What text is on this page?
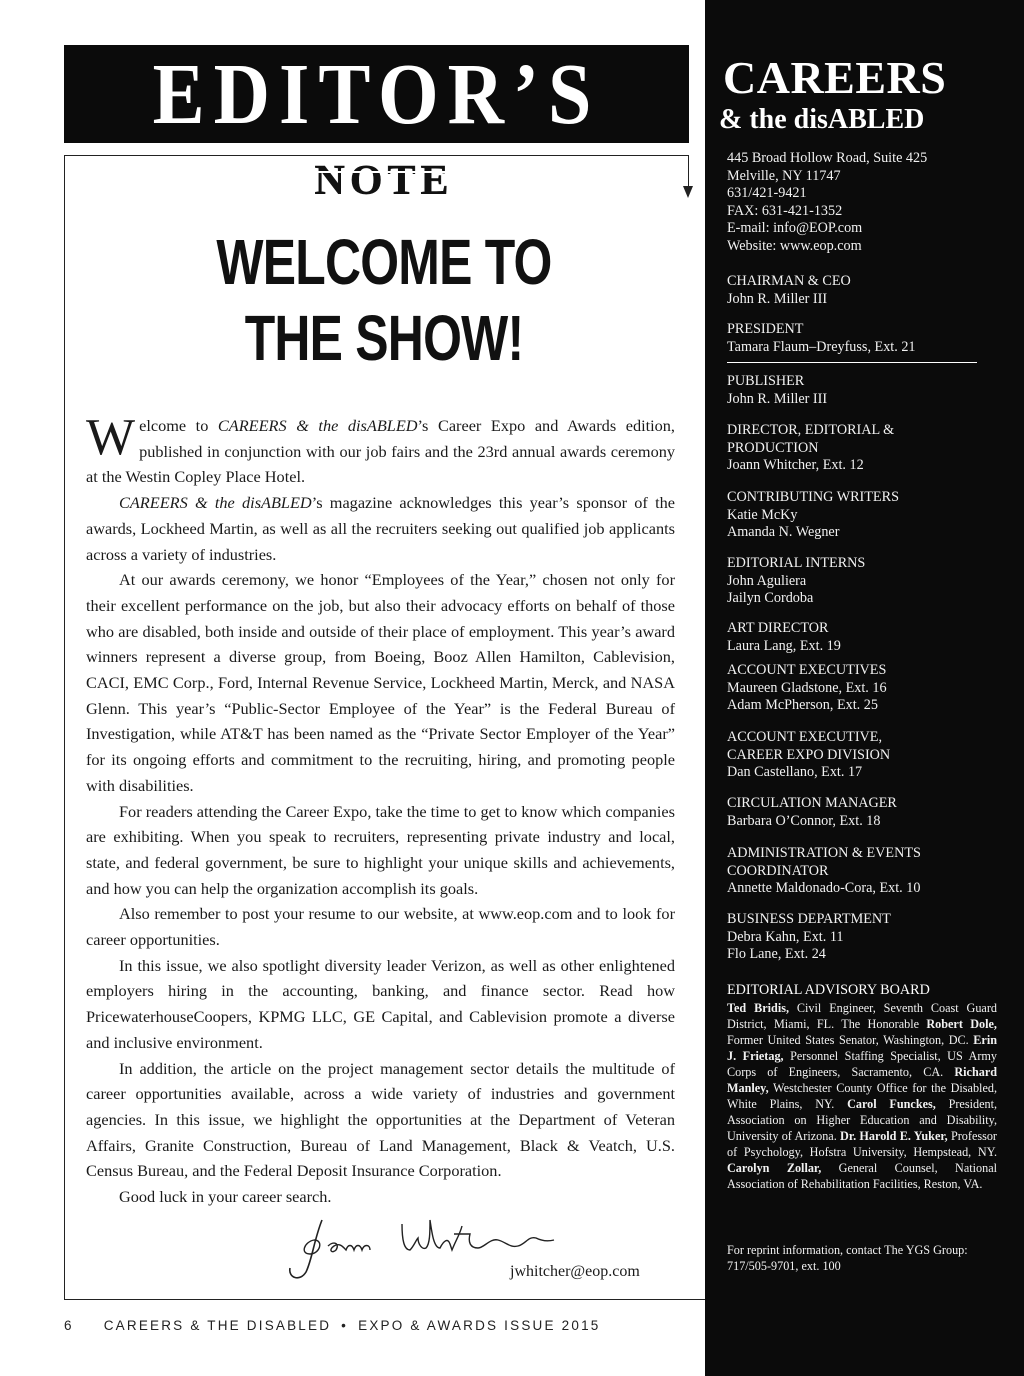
EDITOR’S
NOTE
WELCOME TO
THE SHOW!

Welcome to CAREERS & the disABLED’s Career Expo and Awards edition, published in conjunction with our job fairs and the 23rd annual awards ceremony at the Westin Copley Place Hotel.

CAREERS & the disABLED’s magazine acknowledges this year’s sponsor of the awards, Lockheed Martin, as well as all the recruiters seeking out qualified job applicants across a variety of industries.

At our awards ceremony, we honor “Employees of the Year,” chosen not only for their excellent performance on the job, but also their advocacy efforts on behalf of those who are disabled, both inside and outside of their place of employment. This year’s award winners represent a diverse group, from Boeing, Booz Allen Hamilton, Cablevision, CACI, EMC Corp., Ford, Internal Revenue Service, Lockheed Martin, Merck, and NASA Glenn. This year’s “Public-Sector Employee of the Year” is the Federal Bureau of Investigation, while AT&T has been named as the “Private Sector Employer of the Year” for its ongoing efforts and commitment to the recruiting, hiring, and promoting people with disabilities.

For readers attending the Career Expo, take the time to get to know which companies are exhibiting. When you speak to recruiters, representing private industry and local, state, and federal government, be sure to highlight your unique skills and achievements, and how you can help the organization accomplish its goals.

Also remember to post your resume to our website, at www.eop.com and to look for career opportunities.

In this issue, we also spotlight diversity leader Verizon, as well as other enlightened employers hiring in the accounting, banking, and finance sector. Read how PricewaterhouseCoopers, KPMG LLC, GE Capital, and Cablevision promote a diverse and inclusive environment.

In addition, the article on the project management sector details the multitude of career opportunities available, across a wide variety of industries and government agencies. In this issue, we highlight the opportunities at the Department of Veteran Affairs, Granite Construction, Bureau of Land Management, Black & Veatch, U.S. Census Bureau, and the Federal Deposit Insurance Corporation.

Good luck in your career search.

Joann Whitcher
jwhitcher@eop.com
6 CAREERS & THE DISABLED • EXPO & AWARDS ISSUE 2015
CAREERS
& the disABLED
445 Broad Hollow Road, Suite 425
Melville, NY 11747
631/421-9421
FAX: 631-421-1352
E-mail: info@EOP.com
Website: www.eop.com
CHAIRMAN & CEO
John R. Miller III
PRESIDENT
Tamara Flaum–Dreyfuss, Ext. 21
PUBLISHER
John R. Miller III
DIRECTOR, EDITORIAL &
PRODUCTION
Joann Whitcher, Ext. 12
CONTRIBUTING WRITERS
Katie McKy
Amanda N. Wegner
EDITORIAL INTERNS
John Aguliera
Jailyn Cordoba
ART DIRECTOR
Laura Lang, Ext. 19
ACCOUNT EXECUTIVES
Maureen Gladstone, Ext. 16
Adam McPherson, Ext. 25
ACCOUNT EXECUTIVE,
CAREER EXPO DIVISION
Dan Castellano, Ext. 17
CIRCULATION MANAGER
Barbara O’Connor, Ext. 18
ADMINISTRATION & EVENTS
COORDINATOR
Annette Maldonado-Cora, Ext. 10
BUSINESS DEPARTMENT
Debra Kahn, Ext. 11
Flo Lane, Ext. 24
EDITORIAL ADVISORY BOARD
Ted Bridis, Civil Engineer, Seventh Coast Guard District, Miami, FL. The Honorable Robert Dole, Former United States Senator, Washington, DC. Erin J. Frietag, Personnel Staffing Specialist, US Army Corps of Engineers, Sacramento, CA. Richard Manley, Westchester County Office for the Disabled, White Plains, NY. Carol Funckes, President, Association on Higher Education and Disability, University of Arizona. Dr. Harold E. Yuker, Professor of Psychology, Hofstra University, Hempstead, NY. Carolyn Zollar, General Counsel, National Association of Rehabilitation Facilities, Reston, VA.
For reprint information, contact The YGS Group: 717/505-9701, ext. 100
